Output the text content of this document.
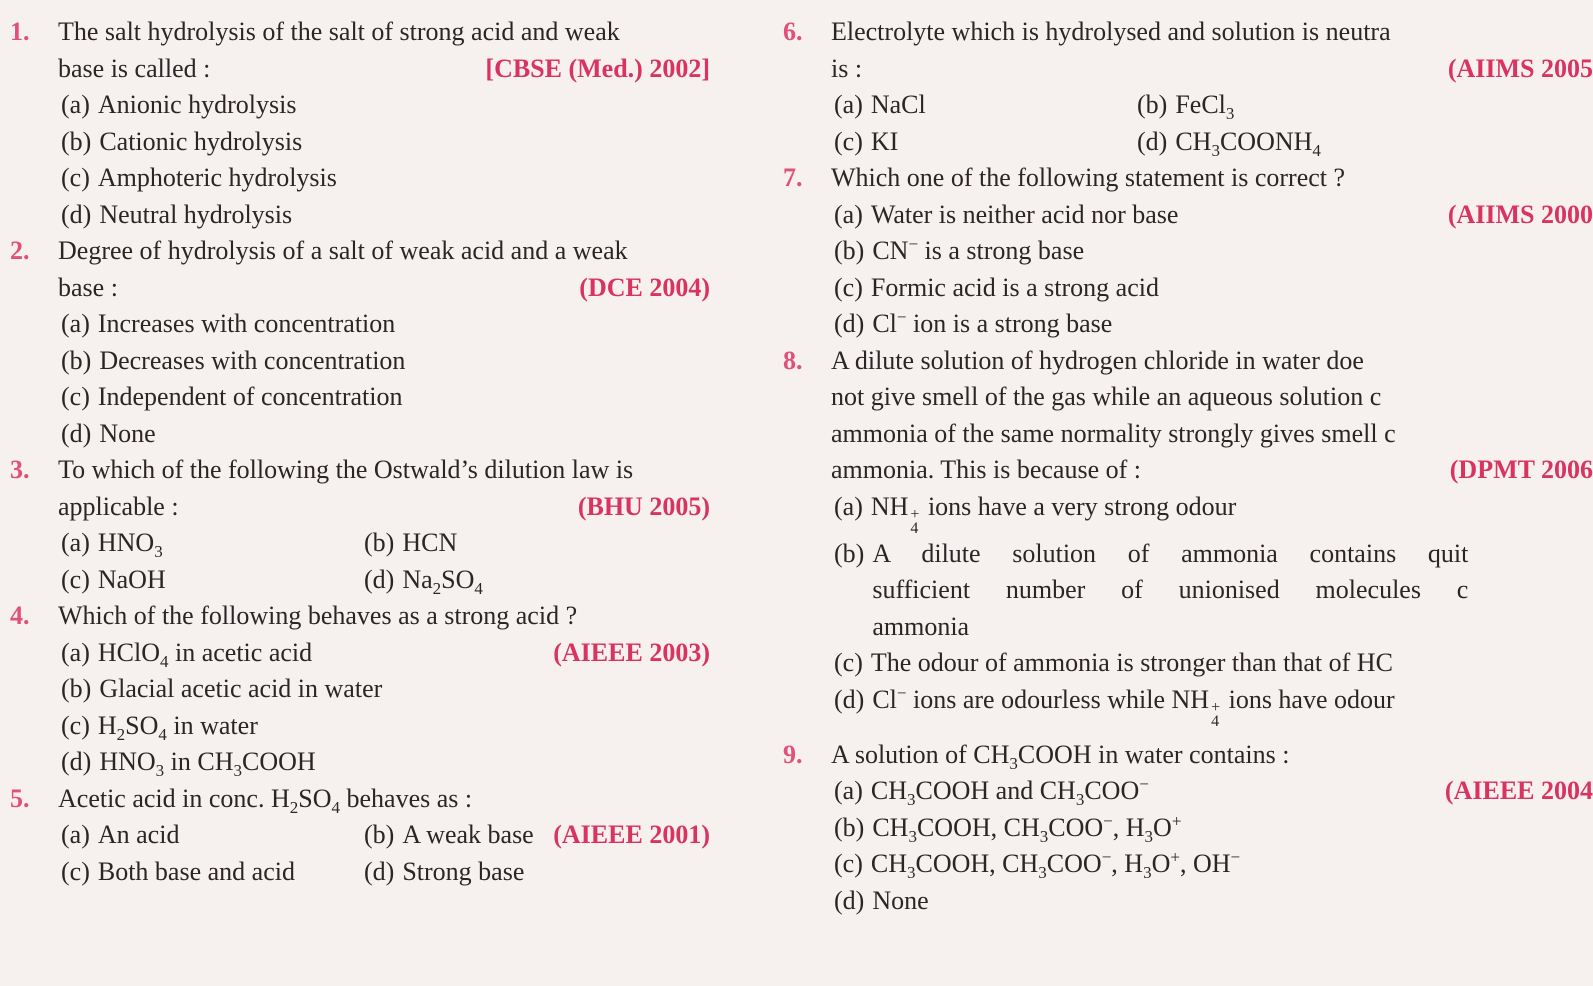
1. The salt hydrolysis of the salt of strong acid and weak
base is called :	[CBSE (Med.) 2002]
(a) Anionic hydrolysis
(b) Cationic hydrolysis
(c) Amphoteric hydrolysis
(d) Neutral hydrolysis
2. Degree of hydrolysis of a salt of weak acid and a weak
base :	(DCE 2004)
(a) Increases with concentration
(b) Decreases with concentration
(c) Independent of concentration
(d) None
3. To which of the following the Ostwald’s dilution law is
applicable :	(BHU 2005)
(a) $HNO_3$	(b) HCN
(c) NaOH	(d) $Na_2SO_4$
4. Which of the following behaves as a strong acid ?
(AIEEE 2003)
(a) HClO$_4$ in acetic acid
(b) Glacial acetic acid in water
(c) $H_2SO_4$ in water
(d) $HNO_3$ in $CH_3COOH$
5. Acetic acid in conc. $H_2SO_4$ behaves as :
(AIEEE 2001)
(a) An acid	(b) A weak base
(c) Both base and acid	(d) Strong base
6. Electrolyte which is hydrolysed and solution is neutra
is :	(AIIMS 2005
(a) NaCl	(b) FeCl$_3$
(c) KI	(d) $CH_3COONH_4$
7. Which one of the following statement is correct ?
(AIIMS 2000
(a) Water is neither acid nor base
(b) CN− is a strong base
(c) Formic acid is a strong acid
(d) Cl− ion is a strong base
8. A dilute solution of hydrogen chloride in water doe
not give smell of the gas while an aqueous solution c
ammonia of the same normality strongly gives smell c
ammonia. This is because of :	(DPMT 2006
(a) NH +
4
ions have a very strong odour
(b) A dilute solution of ammonia contains quit
sufficient number of unionised molecules c
ammonia
(c) The odour of ammonia is stronger than that of HC
(d) Cl− ions are odourless while NH +
4
ions have odour
9. A solution of $CH_3COOH$ in water contains :
(AIEEE 2004
(a) $CH_3COOH$ and $CH_3COO^-$
(b) $CH_3COOH$, $CH_3COO^-$, $H_3O^+$
(c) $CH_3COOH$, $CH_3COO^-$, $H_3O^+$, OH−
(d) None
